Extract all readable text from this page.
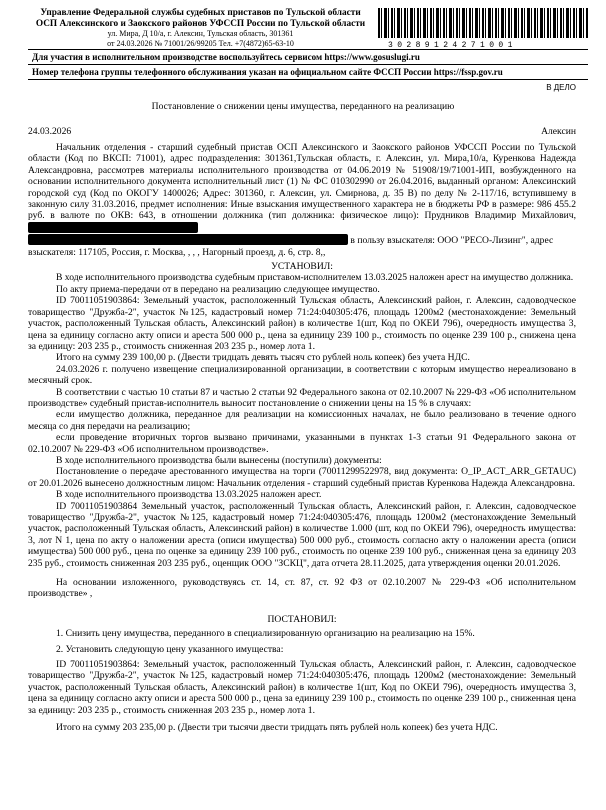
Управление Федеральной службы судебных приставов по Тульской области
ОСП Алексинского и Заокского районов УФССП России по Тульской области
ул. Мира, Д 10/а, г. Алексин, Тульская область, 301361
от 24.03.2026 № 71001/26/99205 Тел. +7(4872)65-63-10	30289124271001
Для участия в исполнительном производстве воспользуйтесь сервисом https://www.gosuslugi.ru
Номер телефона группы телефонного обслуживания указан на официальном сайте ФССП России https://fssp.gov.ru
В ДЕЛО
Постановление о снижении цены имущества, переданного на реализацию
24.03.2026	Алексин

Начальник отделения - старший судебный пристав ОСП Алексинского и Заокского районов УФССП России по Тульской области (Код по ВКСП: 71001), адрес подразделения: 301361,Тульская область, г. Алексин, ул. Мира,10/а, Куренкова Надежда Александровна, рассмотрев материалы исполнительного производства от 04.06.2019 № 51908/19/71001-ИП, возбужденного на основании исполнительного документа исполнительный лист (1) № ФС 010302990 от 26.04.2016, выданный органом: Алексинский городской суд (Код по ОКОГУ 1400026; Адрес: 301360, г. Алексин, ул. Смирнова, д. 35 В) по делу № 2-117/16, вступившему в законную силу 31.03.2016, предмет исполнения: Иные взыскания имущественного характера не в бюджеты РФ в размере: 986 455.2 руб. в валюте по ОКВ: 643, в отношении должника (тип должника: физическое лицо): Прудников Владимир Михайлович,

в пользу взыскателя: ООО "РЕСО-Лизинг", адрес

взыскателя: 117105, Россия, г. Москва, , , , Нагорный проезд, д. 6, стр. 8,,

УСТАНОВИЛ:

В ходе исполнительного производства судебным приставом-исполнителем 13.03.2025 наложен арест на имущество должника.

По акту приема-передачи от в передано на реализацию следующее имущество.

ID 70011051903864: Земельный участок, расположенный Тульская область, Алексинский район, г. Алексин, садоводческое товарищество "Дружба-2", участок №125, кадастровый номер 71:24:040305:476, площадь 1200м2 (местонахождение: Земельный участок, расположенный Тульская область, Алексинский район) в количестве 1(шт, Код по ОКЕИ 796), очередность имущества 3, цена за единицу согласно акту описи и ареста 500 000 р., цена за единицу 239 100 р., стоимость по оценке 239 100 р., снижена цена за единицу: 203 235 р., стоимость сниженная 203 235 р., номер лота 1.

Итого на сумму 239 100,00 р. (Двести тридцать девять тысяч сто рублей ноль копеек) без учета НДС.

24.03.2026 г. получено извещение специализированной организации, в соответствии с которым имущество нереализовано в месячный срок.

В соответствии с частью 10 статьи 87 и частью 2 статьи 92 Федерального закона от 02.10.2007 № 229-ФЗ «Об исполнительном производстве» судебный пристав-исполнитель выносит постановление о снижении цены на 15 % в случаях:

если имущество должника, переданное для реализации на комиссионных началах, не было реализовано в течение одного месяца со дня передачи на реализацию;

если проведение вторичных торгов вызвано причинами, указанными в пунктах 1-3 статьи 91 Федерального закона от 02.10.2007 № 229-ФЗ «Об исполнительном производстве».

В ходе исполнительного производства были вынесены (поступили) документы:

Постановление о передаче арестованного имущества на торги (70011299522978, вид документа: O_IP_ACT_ARR_GETAUC) от 20.01.2026 вынесено должностным лицом: Начальник отделения - старший судебный пристав Куренкова Надежда Александровна.

В ходе исполнительного производства 13.03.2025 наложен арест.

ID 70011051903864 Земельный участок, расположенный Тульская область, Алексинский район, г. Алексин, садоводческое товарищество "Дружба-2", участок №125, кадастровый номер 71:24:040305:476, площадь 1200м2 (местонахождение Земельный участок, расположенный Тульская область, Алексинский район) в количестве 1.000 (шт, код по ОКЕИ 796), очередность имущества: 3, лот N 1, цена по акту о наложении ареста (описи имущества) 500 000 руб., стоимость согласно акту о наложении ареста (описи имущества) 500 000 руб., цена по оценке за единицу 239 100 руб., стоимость по оценке 239 100 руб., сниженная цена за единицу 203 235 руб., стоимость сниженная 203 235 руб., оценщик ООО "ЗСКЦ", дата отчета 28.11.2025, дата утверждения оценки 20.01.2026.

На основании изложенного, руководствуясь ст. 14, ст. 87, ст. 92 ФЗ от 02.10.2007 № 229-ФЗ «Об исполнительном производстве» ,

ПОСТАНОВИЛ:

1. Снизить цену имущества, переданного в специализированную организацию на реализацию на 15%.

2. Установить следующую цену указанного имущества:

ID 70011051903864: Земельный участок, расположенный Тульская область, Алексинский район, г. Алексин, садоводческое товарищество "Дружба-2", участок №125, кадастровый номер 71:24:040305:476, площадь 1200м2 (местонахождение: Земельный участок, расположенный Тульская область, Алексинский район) в количестве 1(шт, Код по ОКЕИ 796), очередность имущества 3, цена за единицу согласно акту описи и ареста 500 000 р., цена за единицу 239 100 р., стоимость по оценке 239 100 р., сниженная цена за единицу: 203 235 р., стоимость сниженная 203 235 р., номер лота 1.

Итого на сумму 203 235,00 р. (Двести три тысячи двести тридцать пять рублей ноль копеек) без учета НДС.
